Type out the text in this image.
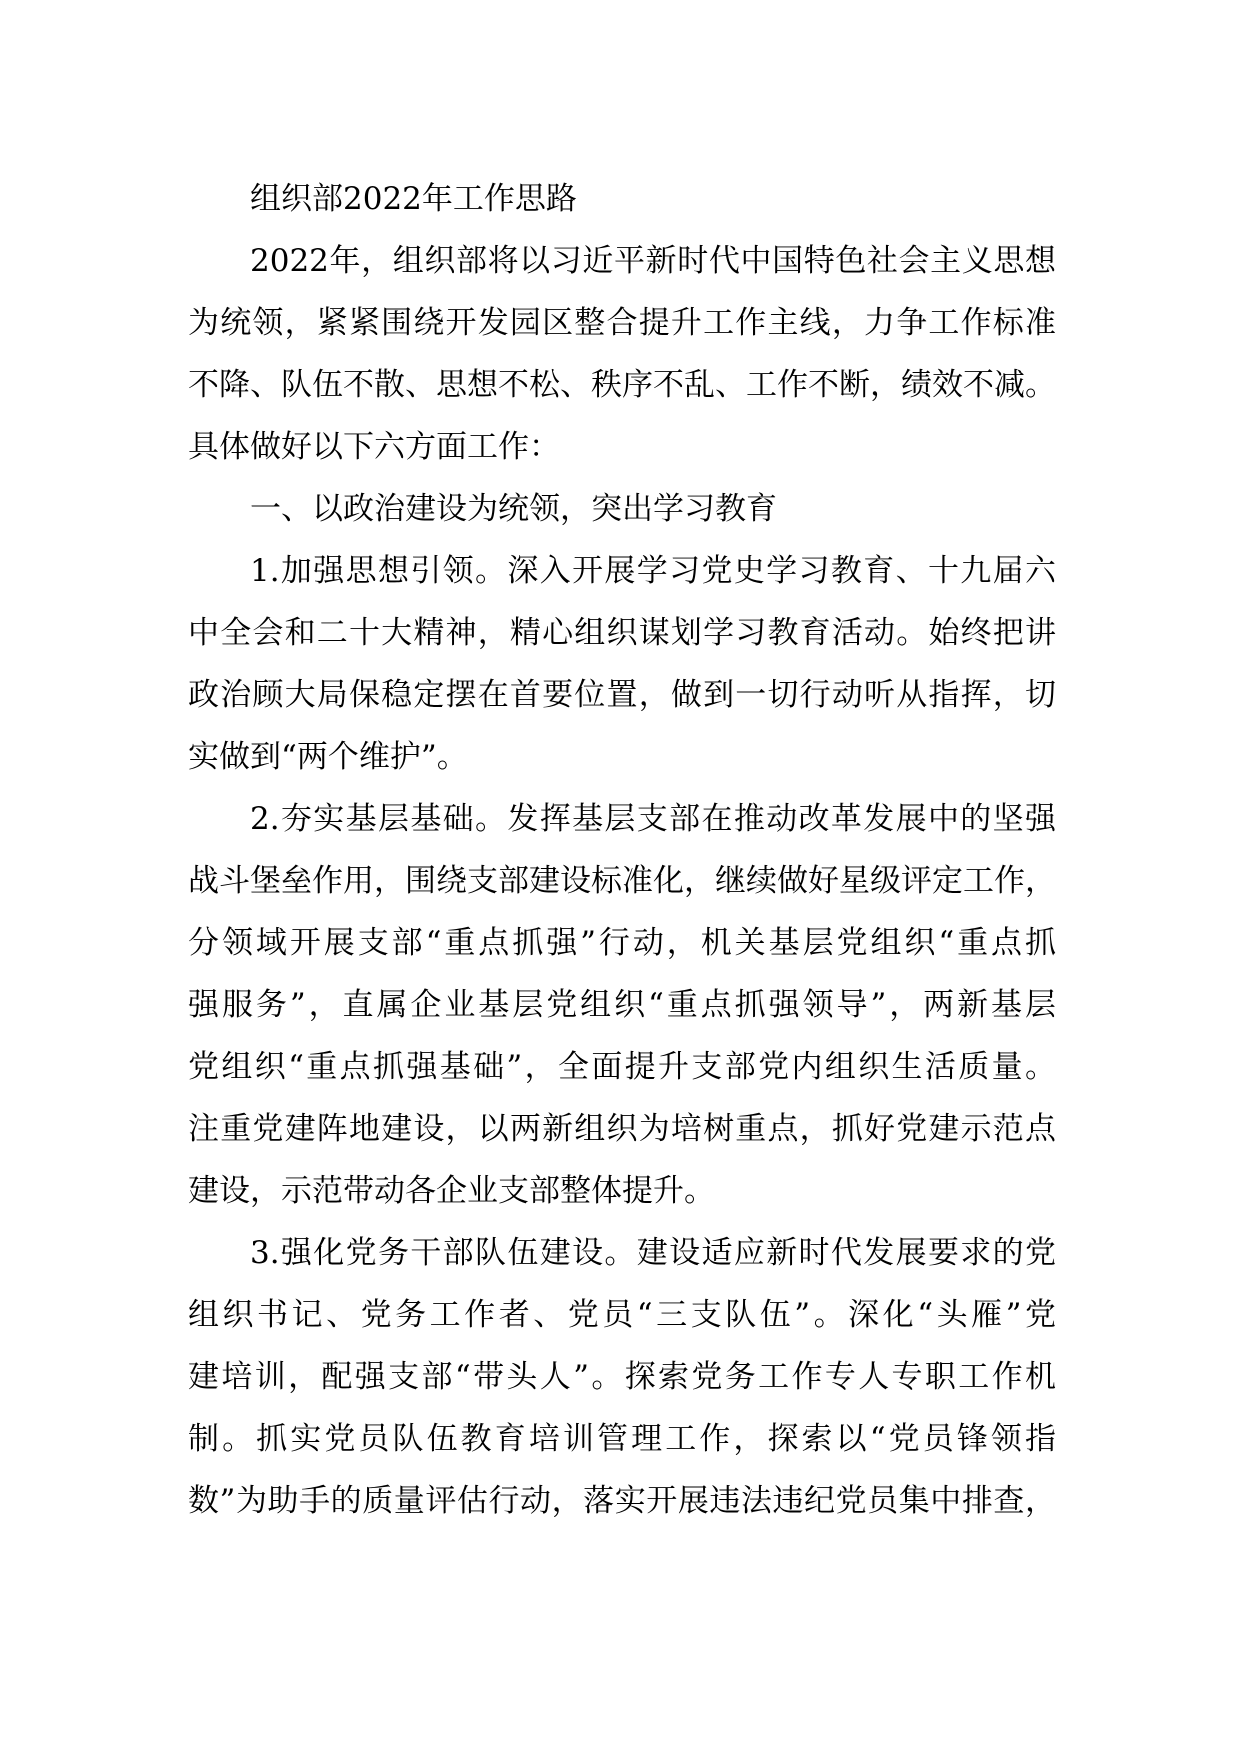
组织部2022年工作思路

2022年，组织部将以习近平新时代中国特色社会主义思想
为统领，紧紧围绕开发园区整合提升工作主线，力争工作标准
不降、队伍不散、思想不松、秩序不乱、工作不断，绩效不减。
具体做好以下六方面工作：

一、以政治建设为统领，突出学习教育

1.加强思想引领。深入开展学习党史学习教育、十九届六
中全会和二十大精神，精心组织谋划学习教育活动。始终把讲
政治顾大局保稳定摆在首要位置，做到一切行动听从指挥，切
实做到“两个维护”。

2.夯实基层基础。发挥基层支部在推动改革发展中的坚强
战斗堡垒作用，围绕支部建设标准化，继续做好星级评定工作，
分领域开展支部“重点抓强”行动，机关基层党组织“重点抓
强服务”，直属企业基层党组织“重点抓强领导”，两新基层
党组织“重点抓强基础”，全面提升支部党内组织生活质量。
注重党建阵地建设，以两新组织为培树重点，抓好党建示范点
建设，示范带动各企业支部整体提升。

3.强化党务干部队伍建设。建设适应新时代发展要求的党
组织书记、党务工作者、党员“三支队伍”。深化“头雁”党
建培训，配强支部“带头人”。探索党务工作专人专职工作机
制。抓实党员队伍教育培训管理工作，探索以“党员锋领指
数”为助手的质量评估行动，落实开展违法违纪党员集中排查，
